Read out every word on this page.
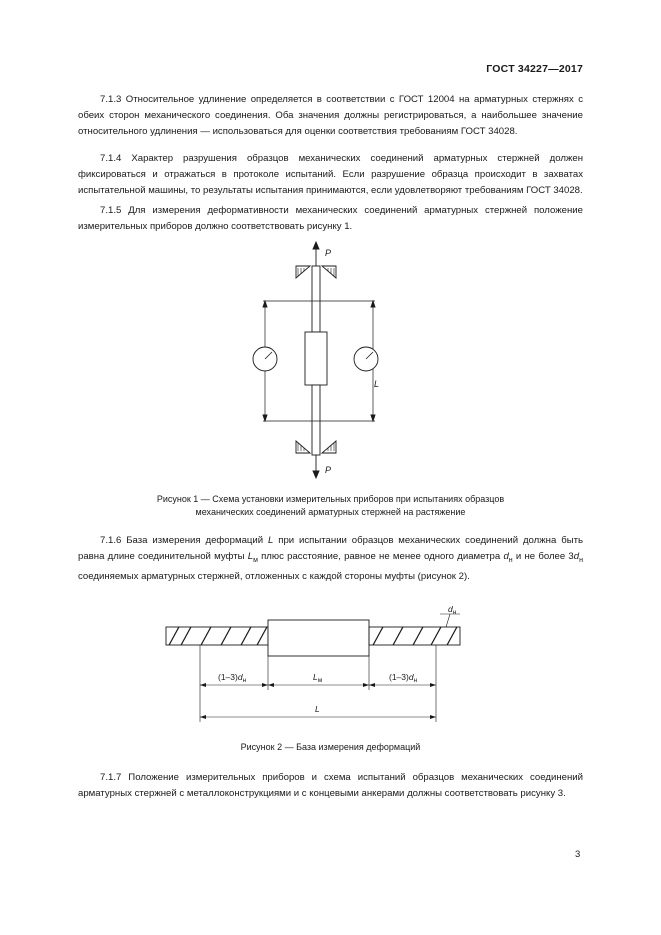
ГОСТ 34227—2017
7.1.3 Относительное удлинение определяется в соответствии с ГОСТ 12004 на арматурных стержнях с обеих сторон механического соединения. Оба значения должны регистрироваться, а наибольшее значение относительного удлинения — использоваться для оценки соответствия требованиям ГОСТ 34028.
7.1.4 Характер разрушения образцов механических соединений арматурных стержней должен фиксироваться и отражаться в протоколе испытаний. Если разрушение образца происходит в захватах испытательной машины, то результаты испытания принимаются, если удовлетворяют требованиям ГОСТ 34028.
7.1.5 Для измерения деформативности механических соединений арматурных стержней положение измерительных приборов должно соответствовать рисунку 1.
P
P
L
Рисунок 1 — Схема установки измерительных приборов при испытаниях образцов
механических соединений арматурных стержней на растяжение
7.1.6 База измерения деформаций L при испытании образцов механических соединений должна быть равна длине соединительной муфты $L_м$ плюс расстояние, равное не менее одного диаметра $d_н$ и не более $3d_н$ соединяемых арматурных стержней, отложенных с каждой стороны муфты (рисунок 2).
$d_н$
$(1-3)d_н$	$L_м$	$(1-3)d_н$
L
Рисунок 2 — База измерения деформаций
7.1.7 Положение измерительных приборов и схема испытаний образцов механических соединений арматурных стержней с металлоконструкциями и с концевыми анкерами должны соответствовать рисунку 3.
3
